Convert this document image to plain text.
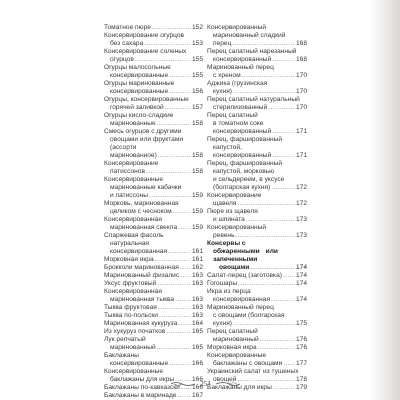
Томатное пюре .....	152
Консервирование огурцов
без сахара .....	153
Консервирование соленых
огурцов .....	155
Огурцы малосольные
консервированные .....	155
Огурцы маринованные
консервированные .....	156
Огурцы, консервированные
горячей заливкой .....	157
Огурцы кисло-сладкие
маринованные .....	158
Смесь огурцов с другими
овощами или фруктами
(ассорти
маринованное) .....	158
Консервирование
патиссонов .....	158
Консервированные
маринованные кабачки
и патиссоны .....	159
Морковь, маринованная
целиком с чесноком .....	159
Консервированная
маринованная свекла ..... 159
Спаржевая фасоль
натуральная
консервированная .....	161
Морковная икра .....	161
Брокколи маринованная ..... 162
Маринованный физалис ..... 163
Уксус фруктовый .....	163
Консервированная
маринованная тыква .....	163
Тыква фруктовая .....	163
Тыква по-польски .....	163
Маринованная кукуруза ..... 164
Из хукуруз початков .....	165
Лук репчатый
маринованный .....	165
Баклажаны
консервированные .....	166
Консервированные
баклажаны для икры .....	166
Баклажаны по-кавказски ..... 166
Баклажаны в маринаде ..... 167
Консервированный
маринованный сладкий
перец .....	168
Перец салатный нарезанный
консервированный .....	168
Маринованный перец
с хреном .....	170
Аджика (грузинская
кухня) .....	170
Перец салатный натуральный
стерилизованный .....	170
Перец салатный
в томатном соке
консервированный .....	171
Перец, фаршированный
капустой,
консервированный .....	171
Перец, фаршированный
капустой, морковью
и сельдереем, в уксусе
(болгарская кухня) .....	172
Консервирование
щавеля .....	172
Пюре из щавеля
и шпината .....	173
Консервированный
ревень .....	173
Консервы с обжаренными или запеченными
овощами .....	174
Салат-перец (заготовка) ..... 174
Гогошары .....	174
Икра из перца
консервированная .....	174
Маринованный перец
с овощами (болгарская
кухня) .....	175
Перец салатный
маринованный .....	176
Морковная икра .....	176
Консервированные
баклажаны с овощами ..... 177
Украинский салат из тушеных
овощей .....	178
Баклажаны для икры .....	179
254
